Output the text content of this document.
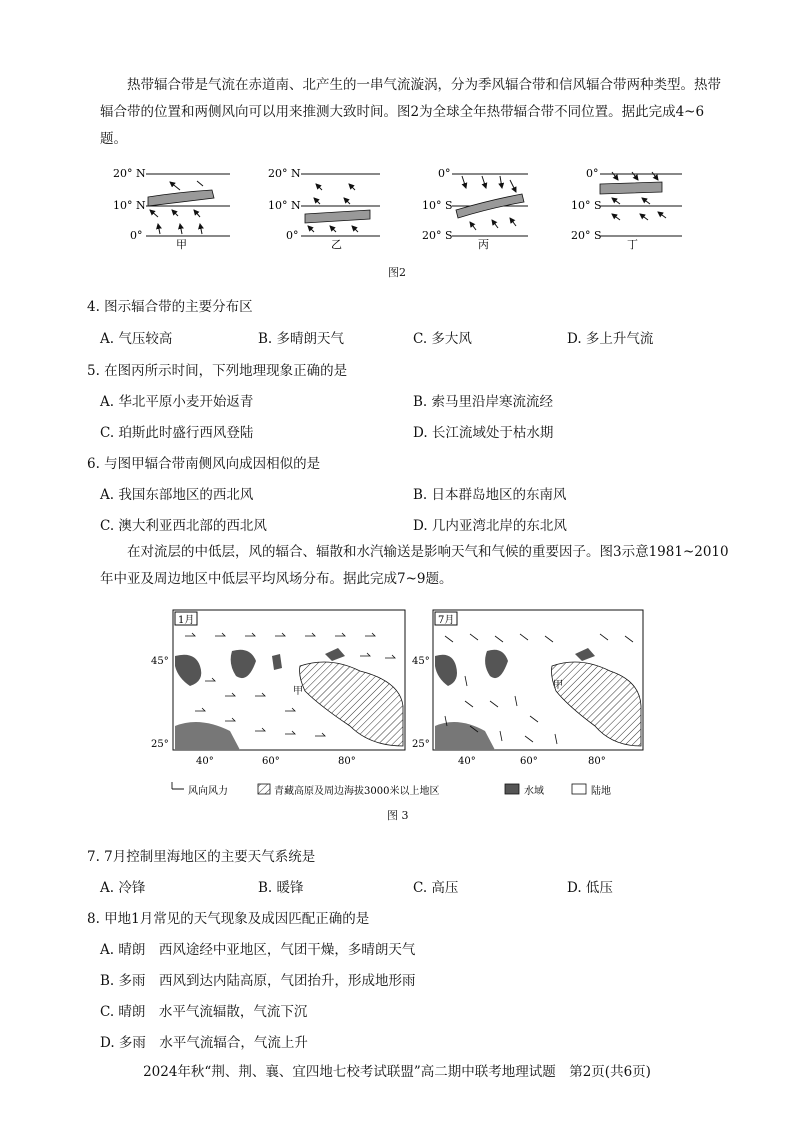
热带辐合带是气流在赤道南、北产生的一串气流漩涡，分为季风辐合带和信风辐合带两种类型。热带辐合带的位置和两侧风向可以用来推测大致时间。图2为全球全年热带辐合带不同位置。据此完成4~6题。
20° N
10° N
0°
甲
20° N
10° N
0°
乙
0°
10° S
20° S
丙
0°
10° S
20° S
丁
图2
4. 图示辐合带的主要分布区
A. 气压较高	B. 多晴朗天气	C. 多大风	D. 多上升气流
5. 在图丙所示时间，下列地理现象正确的是
A. 华北平原小麦开始返青	B. 索马里沿岸寒流流经
C. 珀斯此时盛行西风登陆	D. 长江流域处于枯水期
6. 与图甲辐合带南侧风向成因相似的是
A. 我国东部地区的西北风	B. 日本群岛地区的东南风
C. 澳大利亚西北部的西北风	D. 几内亚湾北岸的东北风
在对流层的中低层，风的辐合、辐散和水汽输送是影响天气和气候的重要因子。图3示意1981~2010年中亚及周边地区中低层平均风场分布。据此完成7~9题。
1月
甲
45°
25°
40°	60°	80°
7月
甲
45°
25°
40°	60°	80°
风向风力	青藏高原及周边海拔3000米以上地区	水域	陆地
图 3
7. 7月控制里海地区的主要天气系统是
A. 冷锋	B. 暖锋	C. 高压	D. 低压
8. 甲地1月常见的天气现象及成因匹配正确的是
A. 晴朗　西风途经中亚地区，气团干燥，多晴朗天气
B. 多雨　西风到达内陆高原，气团抬升，形成地形雨
C. 晴朗　水平气流辐散，气流下沉
D. 多雨　水平气流辐合，气流上升
2024年秋“荆、荆、襄、宜四地七校考试联盟”高二期中联考地理试题　第2页(共6页)
